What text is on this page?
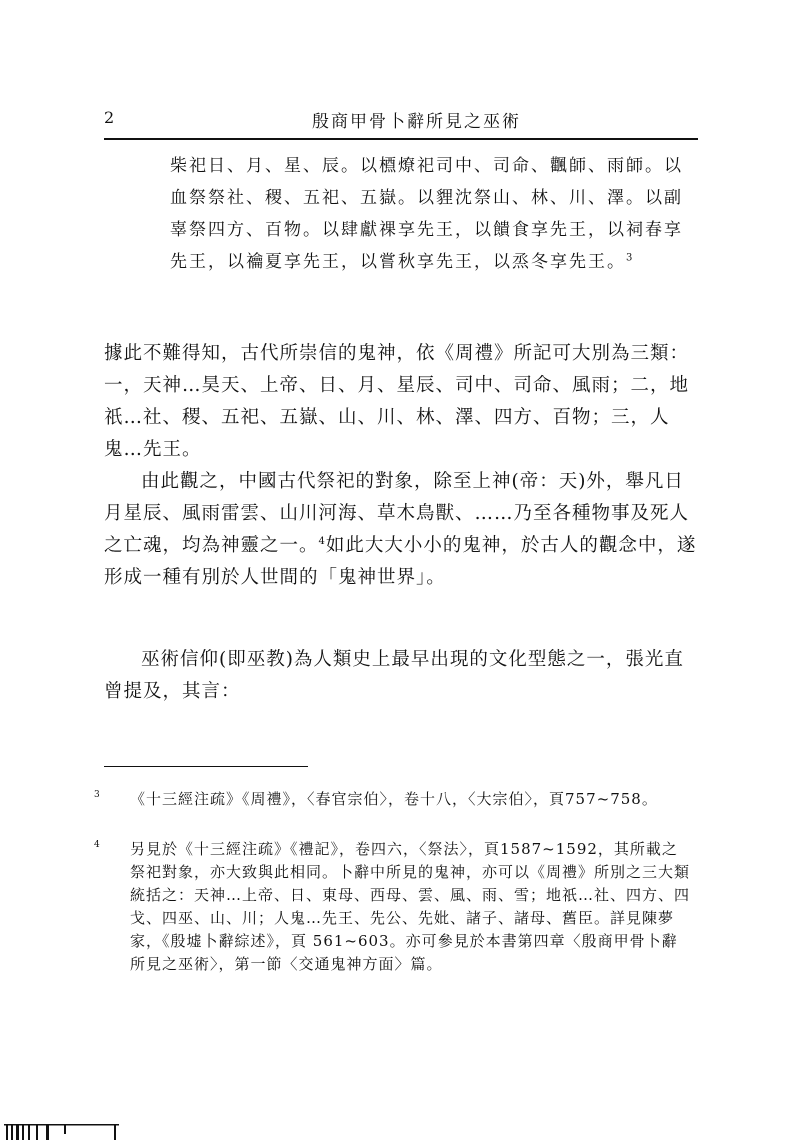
2	殷商甲骨卜辭所見之巫術

柴祀日、月、星、辰。以槱燎祀司中、司命、飌師、雨師。以血祭祭社、稷、五祀、五嶽。以貍沈祭山、林、川、澤。以副辜祭四方、百物。以肆獻祼享先王，以饋食享先王，以祠春享先王，以禴夏享先王，以嘗秋享先王，以烝冬享先王。$^3$

據此不難得知，古代所崇信的鬼神，依《周禮》所記可大別為三類：一，天神…昊天、上帝、日、月、星辰、司中、司命、風雨；二，地祇…社、稷、五祀、五嶽、山、川、林、澤、四方、百物；三，人鬼…先王。

由此觀之，中國古代祭祀的對象，除至上神(帝：天)外，舉凡日月星辰、風雨雷雲、山川河海、草木鳥獸、……乃至各種物事及死人之亡魂，均為神靈之一。$^4$如此大大小小的鬼神，於古人的觀念中，遂形成一種有別於人世間的「鬼神世界」。

巫術信仰(即巫教)為人類史上最早出現的文化型態之一，張光直曾提及，其言：

3 《十三經注疏》《周禮》，〈春官宗伯〉，卷十八，〈大宗伯〉，頁757~758。
4 另見於《十三經注疏》《禮記》，卷四六，〈祭法〉，頁1587~1592，其所載之祭祀對象，亦大致與此相同。卜辭中所見的鬼神，亦可以《周禮》所別之三大類統括之：天神…上帝、日、東母、西母、雲、風、雨、雪；地祇…社、四方、四戈、四巫、山、川；人鬼…先王、先公、先妣、諸子、諸母、舊臣。詳見陳夢家，《殷墟卜辭綜述》，頁 561~603。亦可參見於本書第四章〈殷商甲骨卜辭所見之巫術〉，第一節〈交通鬼神方面〉篇。
